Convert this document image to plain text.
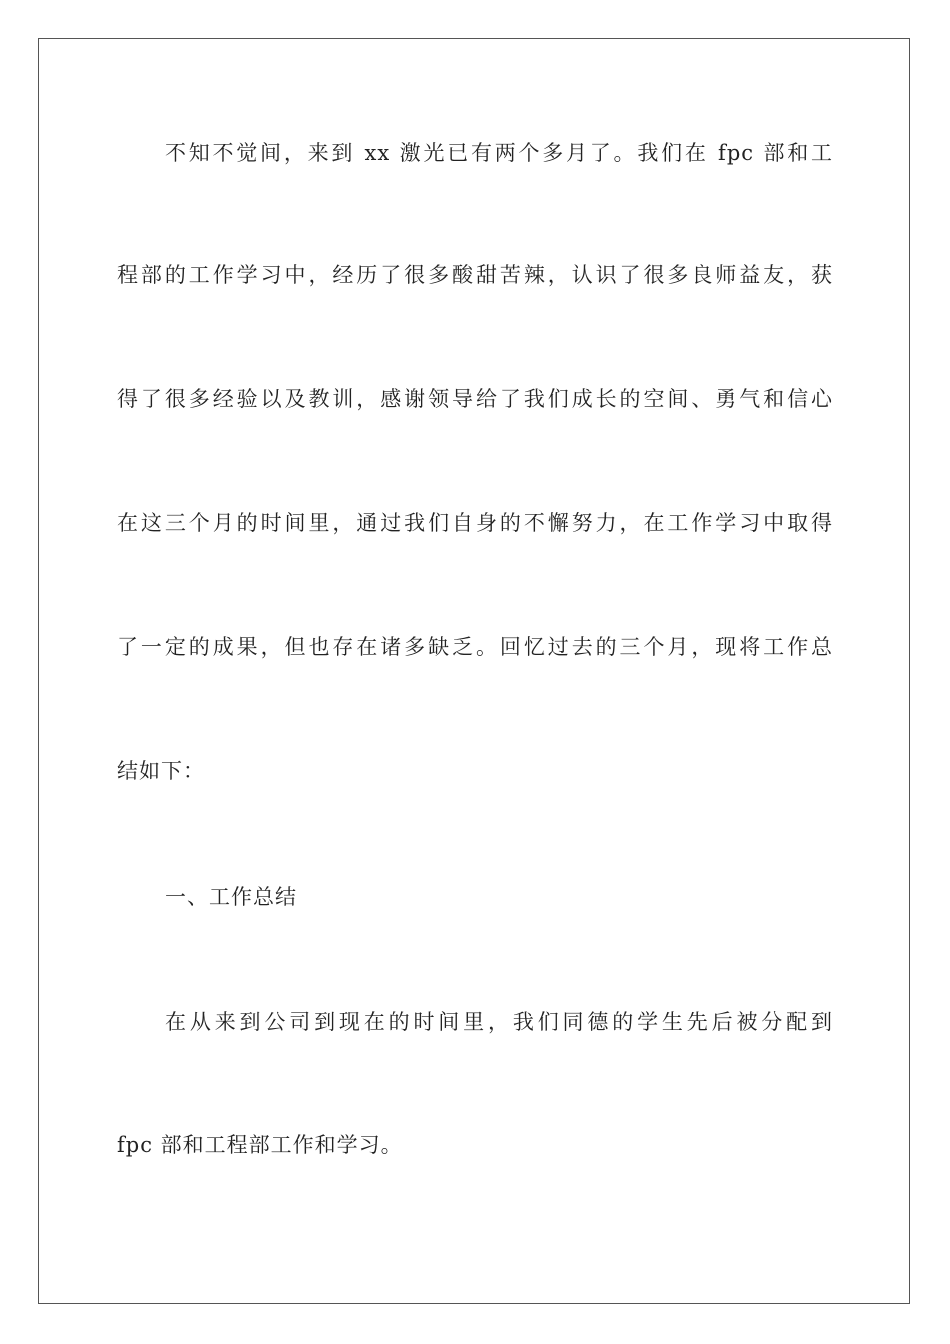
不知不觉间，来到 xx 激光已有两个多月了。我们在 fpc 部和工
程部的工作学习中，经历了很多酸甜苦辣，认识了很多良师益友，获
得了很多经验以及教训，感谢领导给了我们成长的空间、勇气和信心
在这三个月的时间里，通过我们自身的不懈努力，在工作学习中取得
了一定的成果，但也存在诸多缺乏。回忆过去的三个月，现将工作总
结如下：
一、工作总结
在从来到公司到现在的时间里，我们同德的学生先后被分配到
fpc 部和工程部工作和学习。
